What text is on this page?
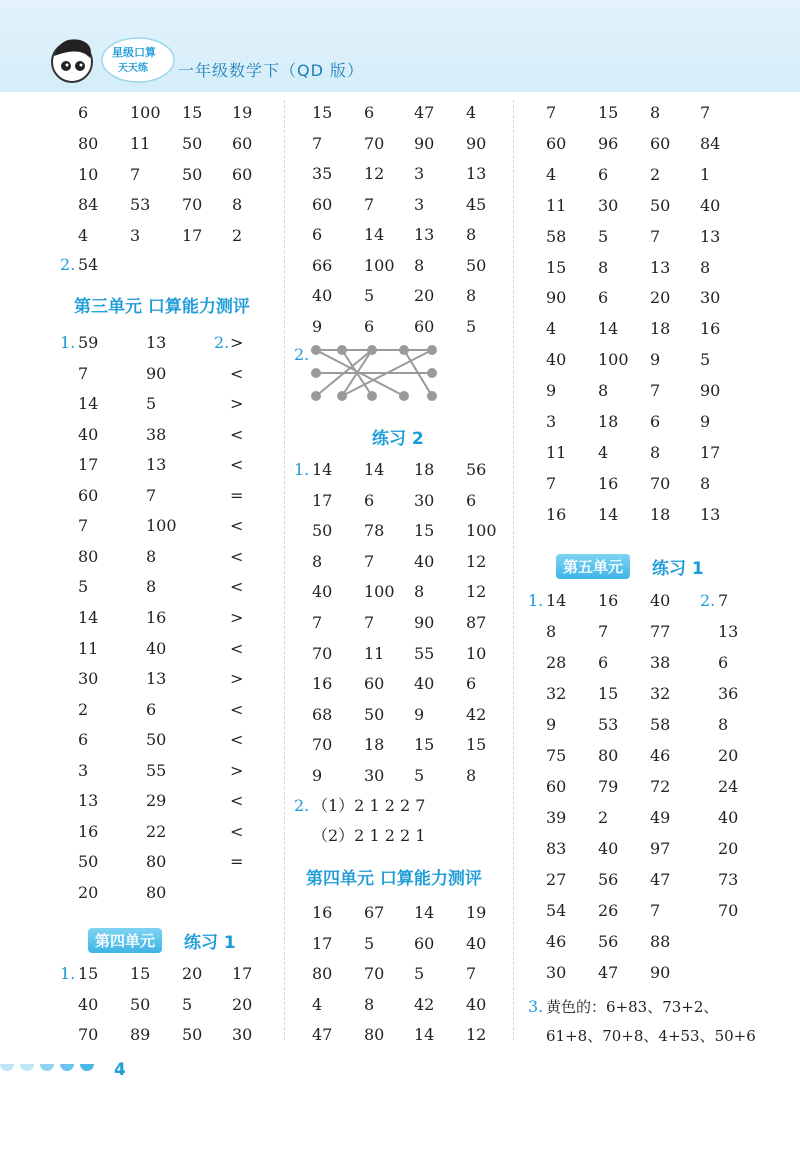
星级口算
天天练 一年级数学下（QD 版）
6	100 15 19
80 11 50 60
10 7	50 60
84 53 70 8
4	3	17 2
2. 54
第三单元 口算能力测评
1.	2.
59	13	>
7	90	<
14	5	>
40	38	<
17	13	<
60	7	=
7	100	<
80	8	<
5	8	<
14	16	>
11	40	<
30	13	>
2	6	<
6	50	<
3	55	>
13	29	<
16	22	<
50	80	=
20	80
第四单元	练习 1
1. 15 15 20 17
40 50 5 20
70 89 50 30
15 6 47 4
7	70 90 90
35 12 3	13
60 7 3	45
6	14 13 8
66 100 8	50
40 5 20 8
9	6 60 5
2.
练习 2
1. 14 14 18 56
17 6 30 6
50 78 15 100
8	7 40 12
40 100 8	12
7	7 90 87
70 11 55 10
16 60 40 6
68 50 9	42
70 18 15 15
9	30 5	8
2. （1）2 1 2 2 7
（2）2 1 2 2 1
第四单元 口算能力测评
16 67 14 19
17 5 60 40
80 70 5	7
4	8 42 40
47 80 14 12
7	15 8 7
60 96 60 84
4	6	2 1
11 30 50 40
58 5	7 13
15 8	13 8
90 6	20 30
4	14 18 16
40 100 9 5
9	8	7 90
3	18 6 9
11 4	8 17
7	16 70 8
16 14 18 13
第五单元	练习 1
1.	2.
14 16 40	7
8	7	77	13
28 6	38	6
32 15 32	36
9	53 58	8
75 80 46	20
60 79 72	24
39 2	49	40
83 40 97	20
27 56 47	73
54 26 7	70
46 56 88
30 47 90
3. 黄色的：6+83、73+2、
61+8、70+8、4+53、50+6
4
